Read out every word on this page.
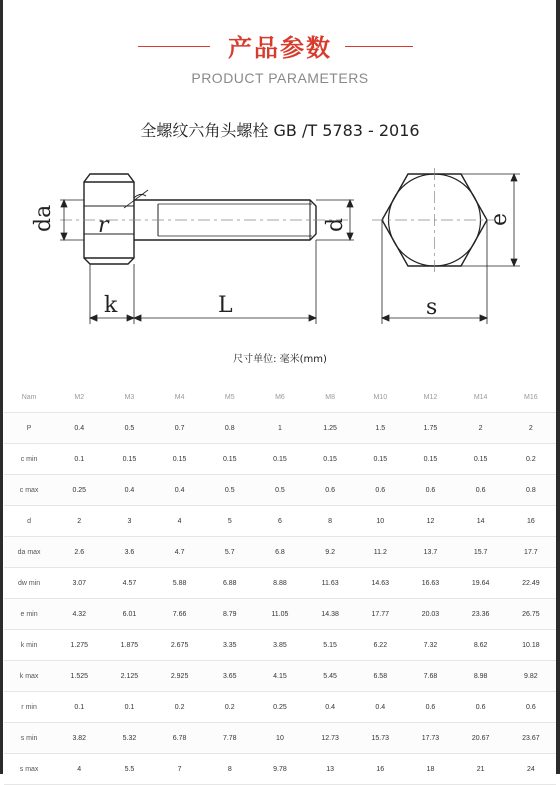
产品参数
PRODUCT PARAMETERS
全螺纹六角头螺栓 GB /T 5783 - 2016
da r	d
k	L
e
s
尺寸单位: 毫米(mm)
Nam	M2	M3	M4	M5	M6	M8	M10	M12	M14	M16
P	0.4	0.5	0.7	0.8	1	1.25	1.5	1.75	2	2
c min	0.1	0.15	0.15	0.15	0.15	0.15	0.15	0.15	0.15	0.2
c max	0.25	0.4	0.4	0.5	0.5	0.6	0.6	0.6	0.6	0.8
d	2	3	4	5	6	8	10	12	14	16
da max	2.6	3.6	4.7	5.7	6.8	9.2	11.2	13.7	15.7	17.7
dw min	3.07	4.57	5.88	6.88	8.88	11.63	14.63	16.63	19.64	22.49
e min	4.32	6.01	7.66	8.79	11.05	14.38	17.77	20.03	23.36	26.75
k min	1.275	1.875	2.675	3.35	3.85	5.15	6.22	7.32	8.62	10.18
k max	1.525	2.125	2.925	3.65	4.15	5.45	6.58	7.68	8.98	9.82
r min	0.1	0.1	0.2	0.2	0.25	0.4	0.4	0.6	0.6	0.6
s min	3.82	5.32	6.78	7.78	10	12.73	15.73	17.73	20.67	23.67
s max	4	5.5	7	8	9.78	13	16	18	21	24
